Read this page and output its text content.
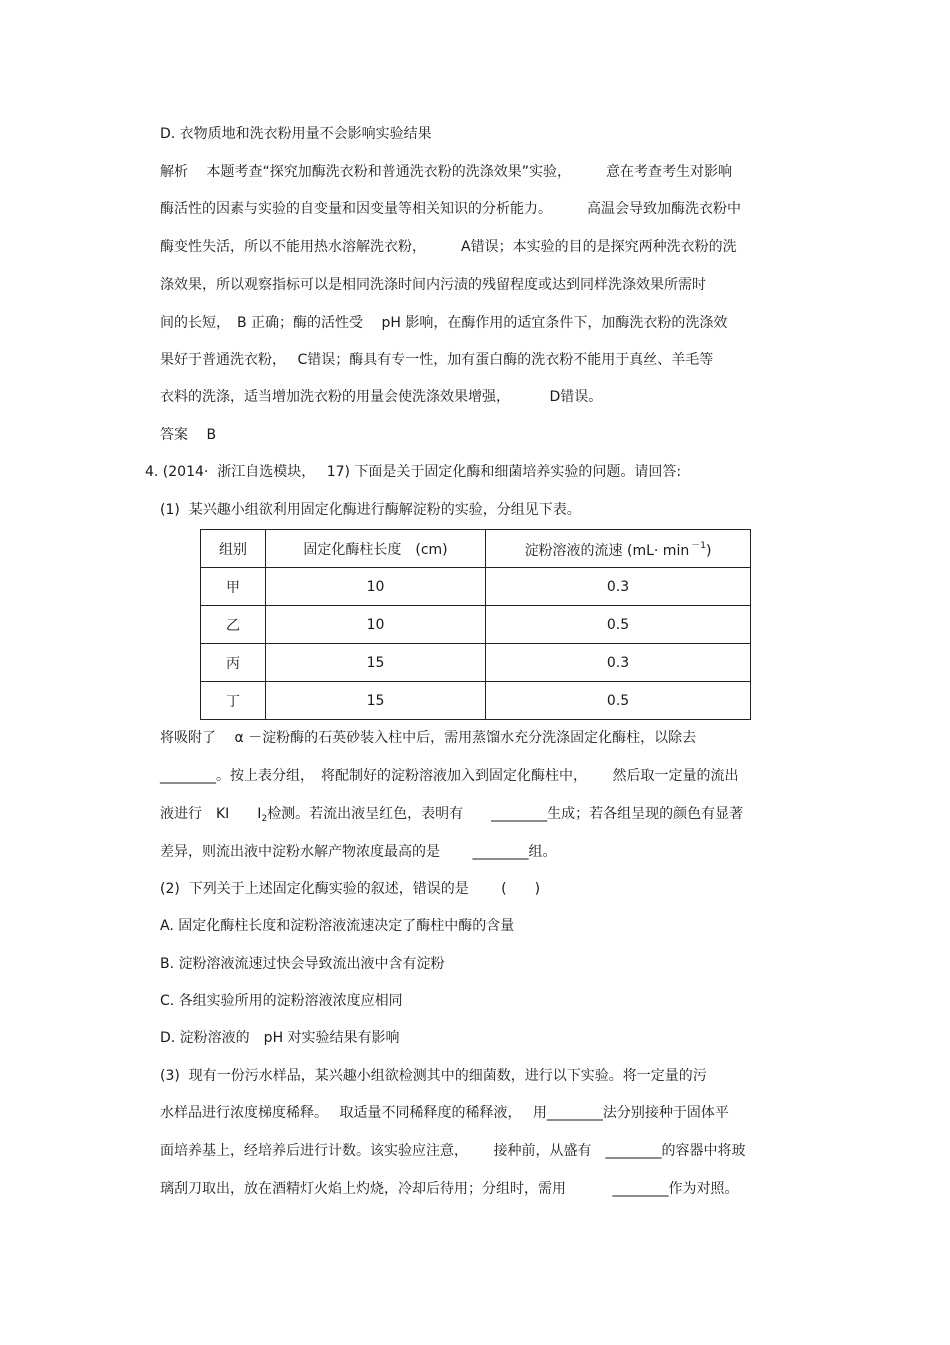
D. 衣物质地和洗衣粉用量不会影响实验结果
解析　 本题考查“探究加酶洗衣粉和普通洗衣粉的洗涤效果”实验，　　　意在考查考生对影响
酶活性的因素与实验的自变量和因变量等相关知识的分析能力。　　　高温会导致加酶洗衣粉中
酶变性失活，所以不能用热水溶解洗衣粉，　　　A错误；本实验的目的是探究两种洗衣粉的洗
涤效果，所以观察指标可以是相同洗涤时间内污渍的残留程度或达到同样洗涤效果所需时
间的长短，　B 正确；酶的活性受　 pH 影响，在酶作用的适宜条件下，加酶洗衣粉的洗涤效
果好于普通洗衣粉，　 C错误；酶具有专一性，加有蛋白酶的洗衣粉不能用于真丝、羊毛等
衣料的洗涤，适当增加洗衣粉的用量会使洗涤效果增强，　　　 D错误。
答案　 B
4. (2014·  浙江自选模块，　 17) 下面是关于固定化酶和细菌培养实验的问题。请回答:
(1)  某兴趣小组欲利用固定化酶进行酶解淀粉的实验，分组见下表。
组别	固定化酶柱长度　(cm)	淀粉溶液的流速 (mL· min $^{-1}$)
甲	10	0.3
乙	10	0.5
丙	15	0.3
丁	15	0.5
将吸附了　 α －淀粉酶的石英砂装入柱中后，需用蒸馏水充分洗涤固定化酶柱，以除去
________。按上表分组，　将配制好的淀粉溶液加入到固定化酶柱中，　　 然后取一定量的流出
液进行　KI　　$I_2$检测。若流出液呈红色，表明有　　________生成；若各组呈现的颜色有显著
差异，则流出液中淀粉水解产物浓度最高的是　　 ________组。
(2)  下列关于上述固定化酶实验的叙述，错误的是　　 (　　)
A. 固定化酶柱长度和淀粉溶液流速决定了酶柱中酶的含量
B. 淀粉溶液流速过快会导致流出液中含有淀粉
C. 各组实验所用的淀粉溶液浓度应相同
D. 淀粉溶液的　pH 对实验结果有影响
(3)  现有一份污水样品，某兴趣小组欲检测其中的细菌数，进行以下实验。将一定量的污
水样品进行浓度梯度稀释。　 取适量不同稀释度的稀释液，　 用________法分别接种于固体平
面培养基上，经培养后进行计数。该实验应注意，　　 接种前，从盛有　________的容器中将玻
璃刮刀取出，放在酒精灯火焰上灼烧，冷却后待用；分组时，需用　　　 ________作为对照。
